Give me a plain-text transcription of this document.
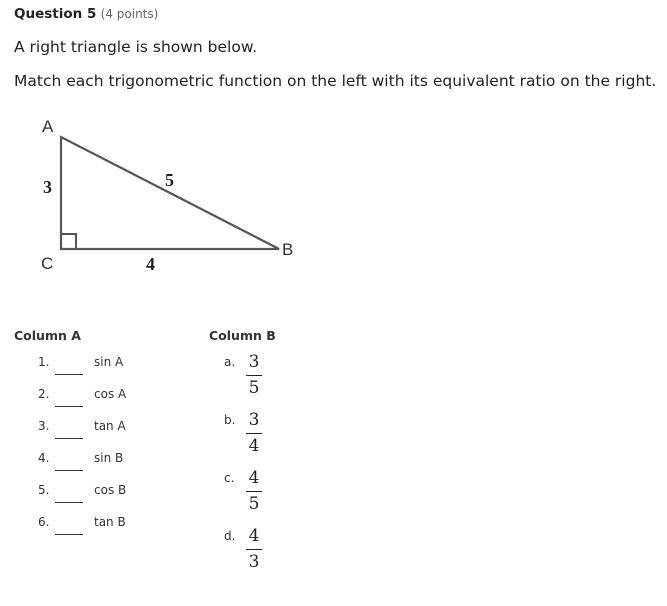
Question 5 (4 points)
A right triangle is shown below.
Match each trigonometric function on the left with its equivalent ratio on the right.
A
B
C
3	5
4
Column A	Column B
1.	sin A
2.	cos A
3.	tan A
4.	sin B
5.	cos B
6.	tan B
a. 3
5
b. 3
4
c. 4
5
d. 4
3
